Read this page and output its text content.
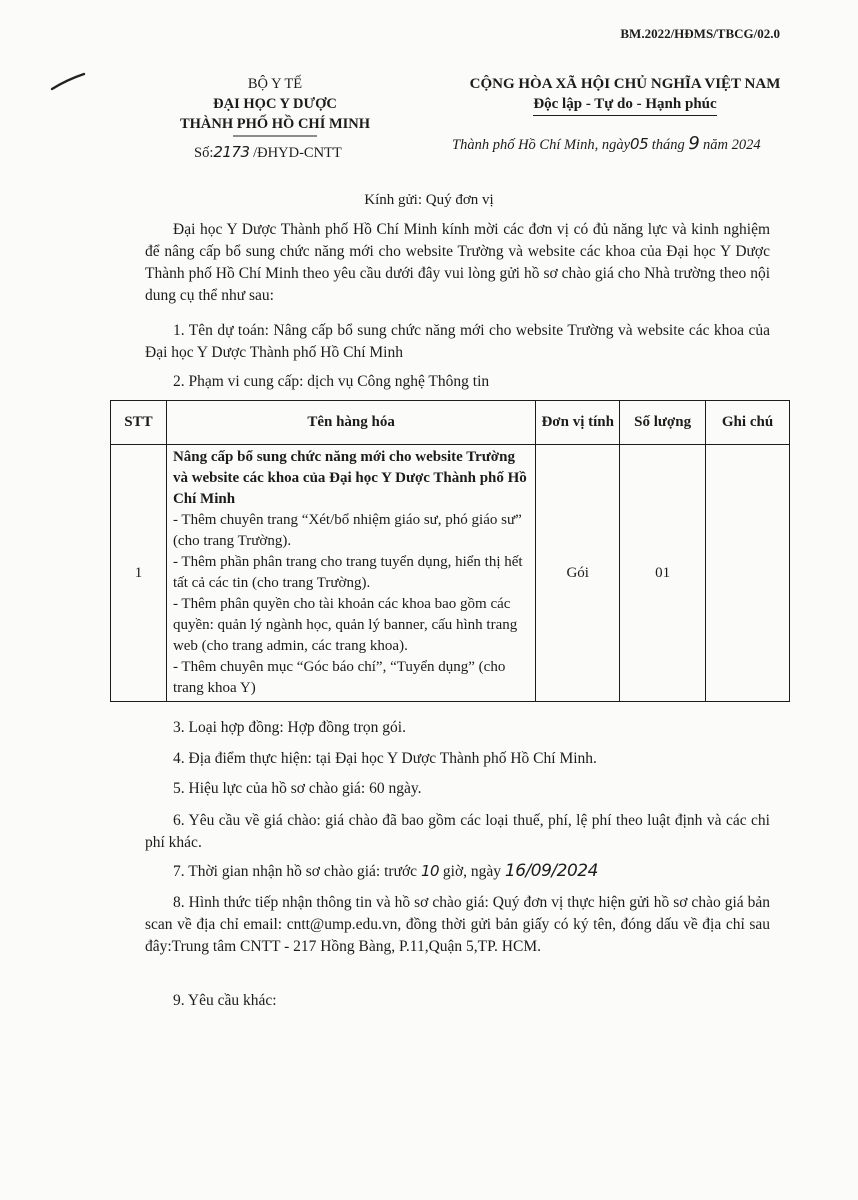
BM.2022/HĐMS/TBCG/02.0
BỘ Y TẾ
ĐẠI HỌC Y DƯỢC
THÀNH PHỐ HỒ CHÍ MINH
Số:2173 /ĐHYD-CNTT
CỘNG HÒA XÃ HỘI CHỦ NGHĨA VIỆT NAM
Độc lập - Tự do - Hạnh phúc
Thành phố Hồ Chí Minh, ngày05 tháng 9 năm 2024
Kính gửi: Quý đơn vị
Đại học Y Dược Thành phố Hồ Chí Minh kính mời các đơn vị có đủ năng lực và kinh nghiệm để nâng cấp bổ sung chức năng mới cho website Trường và website các khoa của Đại học Y Dược Thành phố Hồ Chí Minh theo yêu cầu dưới đây vui lòng gửi hồ sơ chào giá cho Nhà trường theo nội dung cụ thể như sau:
1. Tên dự toán: Nâng cấp bổ sung chức năng mới cho website Trường và website các khoa của Đại học Y Dược Thành phố Hồ Chí Minh
2. Phạm vi cung cấp: dịch vụ Công nghệ Thông tin
STT	Tên hàng hóa	Đơn vị tính	Số lượng	Ghi chú
1	Nâng cấp bổ sung chức năng mới cho website Trường và website các khoa của Đại học Y Dược Thành phố Hồ Chí Minh
- Thêm chuyên trang “Xét/bổ nhiệm giáo sư, phó giáo sư” (cho trang Trường).
- Thêm phần phân trang cho trang tuyển dụng, hiển thị hết tất cả các tin (cho trang Trường).
- Thêm phân quyền cho tài khoản các khoa bao gồm các quyền: quản lý ngành học, quản lý banner, cấu hình trang web (cho trang admin, các trang khoa).
- Thêm chuyên mục “Góc báo chí”, “Tuyển dụng” (cho trang khoa Y)	Gói	01	
3. Loại hợp đồng: Hợp đồng trọn gói.
4. Địa điểm thực hiện: tại Đại học Y Dược Thành phố Hồ Chí Minh.
5. Hiệu lực của hồ sơ chào giá: 60 ngày.
6. Yêu cầu về giá chào: giá chào đã bao gồm các loại thuế, phí, lệ phí theo luật định và các chi phí khác.
7. Thời gian nhận hồ sơ chào giá: trước 10 giờ, ngày 16/09/2024
8. Hình thức tiếp nhận thông tin và hồ sơ chào giá: Quý đơn vị thực hiện gửi hồ sơ chào giá bản scan về địa chỉ email: cntt@ump.edu.vn, đồng thời gửi bản giấy có ký tên, đóng dấu về địa chỉ sau đây:Trung tâm CNTT - 217 Hồng Bàng, P.11,Quận 5,TP. HCM.
9. Yêu cầu khác:
